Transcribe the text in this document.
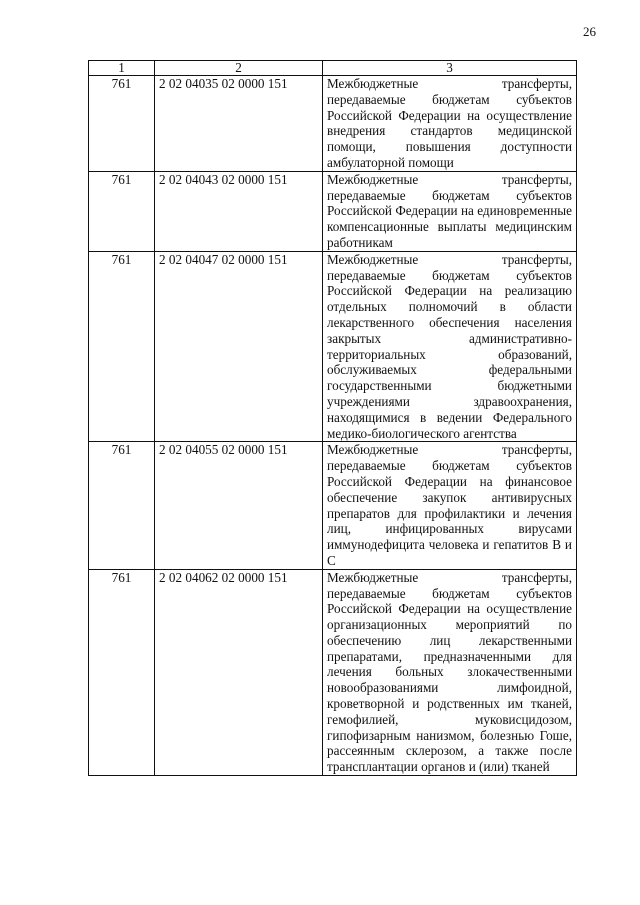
26
1	2	3
761	2 02 04035 02 0000 151	Межбюджетные трансферты, передаваемые бюджетам субъектов Российской Федерации на осуществление внедрения стандартов медицинской помощи, повышения доступности амбулаторной помощи
761	2 02 04043 02 0000 151	Межбюджетные трансферты, передаваемые бюджетам субъектов Российской Федерации на единовременные компенсационные выплаты медицинским работникам
761	2 02 04047 02 0000 151	Межбюджетные трансферты, передаваемые бюджетам субъектов Российской Федерации на реализацию отдельных полномочий в области лекарственного обеспечения населения закрытых административно-территориальных образований, обслуживаемых федеральными государственными бюджетными учреждениями здравоохранения, находящимися в ведении Федерального медико-биологического агентства
761	2 02 04055 02 0000 151	Межбюджетные трансферты, передаваемые бюджетам субъектов Российской Федерации на финансовое обеспечение закупок антивирусных препаратов для профилактики и лечения лиц, инфицированных вирусами иммунодефицита человека и гепатитов В и С
761	2 02 04062 02 0000 151	Межбюджетные трансферты, передаваемые бюджетам субъектов Российской Федерации на осуществление организационных мероприятий по обеспечению лиц лекарственными препаратами, предназначенными для лечения больных злокачественными новообразованиями лимфоидной, кроветворной и родственных им тканей, гемофилией, муковисцидозом, гипофизарным нанизмом, болезнью Гоше, рассеянным склерозом, а также после трансплантации органов и (или) тканей
